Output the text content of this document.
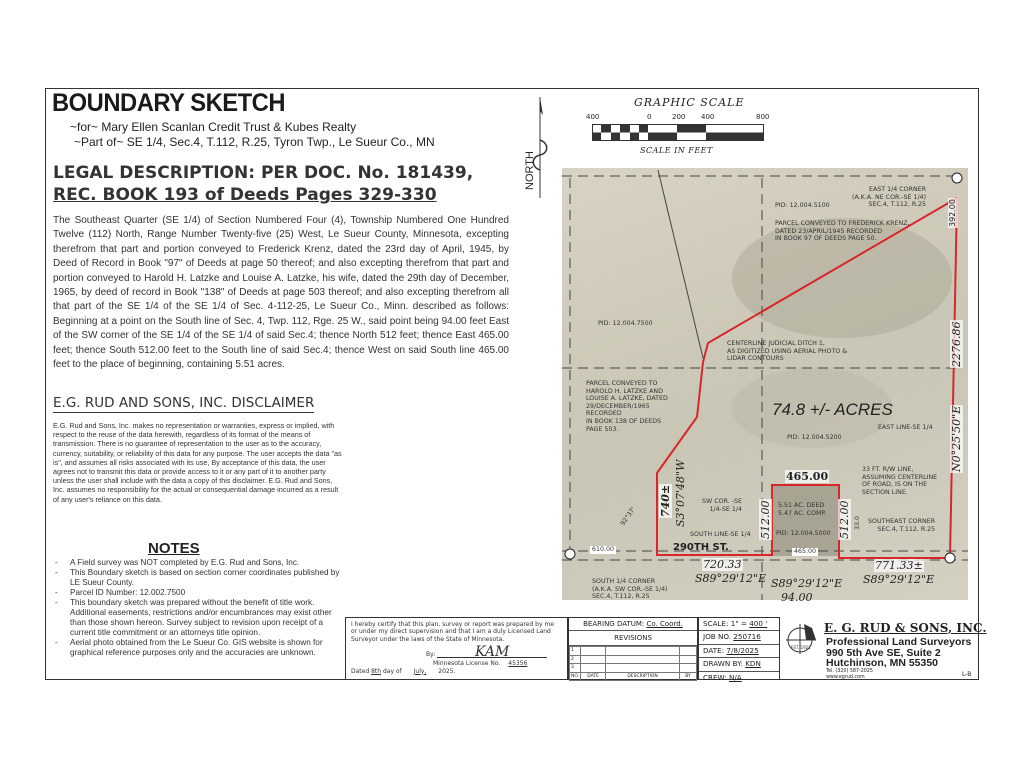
BOUNDARY SKETCH
~for~ Mary Ellen Scanlan Credit Trust & Kubes Realty
~Part of~ SE 1/4, Sec.4, T.112, R.25, Tyron Twp., Le Sueur Co., MN
LEGAL DESCRIPTION: PER DOC. No. 181439,
REC. BOOK 193 of Deeds Pages 329-330
The Southeast Quarter (SE 1/4) of Section Numbered Four (4), Township Numbered One Hundred Twelve (112) North, Range Number Twenty-five (25) West, Le Sueur County, Minnesota, excepting therefrom that part and portion conveyed to Frederick Krenz, dated the 23rd day of April, 1945, by Deed of Record in Book "97" of Deeds at page 50 thereof; and also excepting therefrom that part and portion conveyed to Harold H. Latzke and Louise A. Latzke, his wife, dated the 29th day of December, 1965, by deed of record in Book "138" of Deeds at page 503 thereof; and also excepting therefrom all that part of the SE 1/4 of the SE 1/4 of Sec. 4-112-25, Le Sueur Co., Minn. described as follows: Beginning at a point on the South line of Sec. 4, Twp. 112, Rge. 25 W., said point being 94.00 feet East of the SW corner of the SE 1/4 of the SE 1/4 of said Sec.4; thence North 512 feet; thence East 465.00 feet; thence South 512.00 feet to the South line of said Sec.4; thence West on said South line 465.00 feet to the place of beginning, containing 5.51 acres.
E.G. RUD AND SONS, INC. DISCLAIMER
E.G. Rud and Sons, Inc. makes no representation or warranties, express or implied, with respect to the reuse of the data herewith, regardless of its format of the means of transmission. There is no guarantee of representation to the user as to the accuracy, currency, suitability, or reliability of this data for any purpose. The user accepts the data "as is", and assumes all risks associated with its use, By acceptance of this data, the user agrees not to transmit this data or provide access to it or any part of it to another party unless the user shall include with the data a copy of this disclaimer. E.G. Rud and Sons, Inc. assumes no responsibility for the actual or consequential damage incurred as a result of any user's reliance on this data.
NOTES
- A Field survey was NOT completed by E.G. Rud and Sons, Inc.
- This Boundary sketch is based on section corner coordinates published by LE Sueur County.
- Parcel ID Number: 12.002.7500
- This boundary sketch was prepared without the benefit of title work. Additional easements, restrictions and/or encumbrances may exist other than those shown hereon. Survey subject to revision upon receipt of a current title commitment or an attorneys title opinion.
- Aerial photo obtained from the Le Sueur Co. GIS website is shown for graphical reference purposes only and the accuracies are unknown.
NORTH
GRAPHIC SCALE
400	0	200 400	800
SCALE IN FEET
EAST 1/4 CORNER
(A.K.A. NE COR.-SE 1/4)
SEC.4, T.112, R.25
PID: 12.004.5100
PARCEL CONVEYED TO FREDERICK KRENZ,
DATED 23/APRIL/1945 RECORDED
IN BOOK 97 OF DEEDS PAGE 50.
392.00
PID: 12.004.7500
CENTERLINE JUDICIAL DITCH 1,
AS DIGITIZED USING AERIAL PHOTO &
LIDAR CONTOURS
PARCEL CONVEYED TO
HAROLD H. LATZKE AND
LOUISE A. LATZKE, DATED
29/DECEMBER/1965
RECORDED
IN BOOK 138 OF DEEDS
PAGE 503.
74.8 +/- ACRES
EAST LINE-SE 1/4
PID: 12.004.5200
2276.86
N0°25'50"E
465.00
33 FT. R/W LINE,
ASSUMING CENTERLINE
OF ROAD, IS ON THE
SECTION LINE.
SOUTHEAST CORNER
SEC.4, T.112, R.25
SW COR. -SE
1/4-SE 1/4
740± S3°07'48"W
92°37'
SOUTH LINE-SE 1/4 512.00	512.00 33.0
5.51 AC. DEED
5.47 AC. COMP.
PID: 12.004.5000
290TH ST.
610.00	465.00
720.33
S89°29'12"E
771.33±
S89°29'12"E
SOUTH 1/4 CORNER
(A.K.A. SW COR.-SE 1/4)
SEC.4, T.112, R.25
S89°29'12"E
94.00
I hereby certify that this plan, survey or report was prepared by me or under my direct supervision and that I am a duly Licensed Land Surveyor under the laws of the State of Minnesota.
By:	KAM
Minnesota License No. 45356
Dated 8th day of July, 2025.
BEARING DATUM: Co. Coord.
REVISIONS
1			
2			
3			
NO.	DATE	DESCRIPTION	BY
SCALE: 1" = 400 '
JOB NO. 250716
DATE: 7/8/2025
DRAWN BY: KDN
CREW: N/A
EST. 1921
E. G. RUD & SONS, INC.
Professional Land Surveyors
990 5th Ave SE, Suite 2
Hutchinson, MN 55350
Tel. (320) 587-2025
www.egrud.com	L-B
